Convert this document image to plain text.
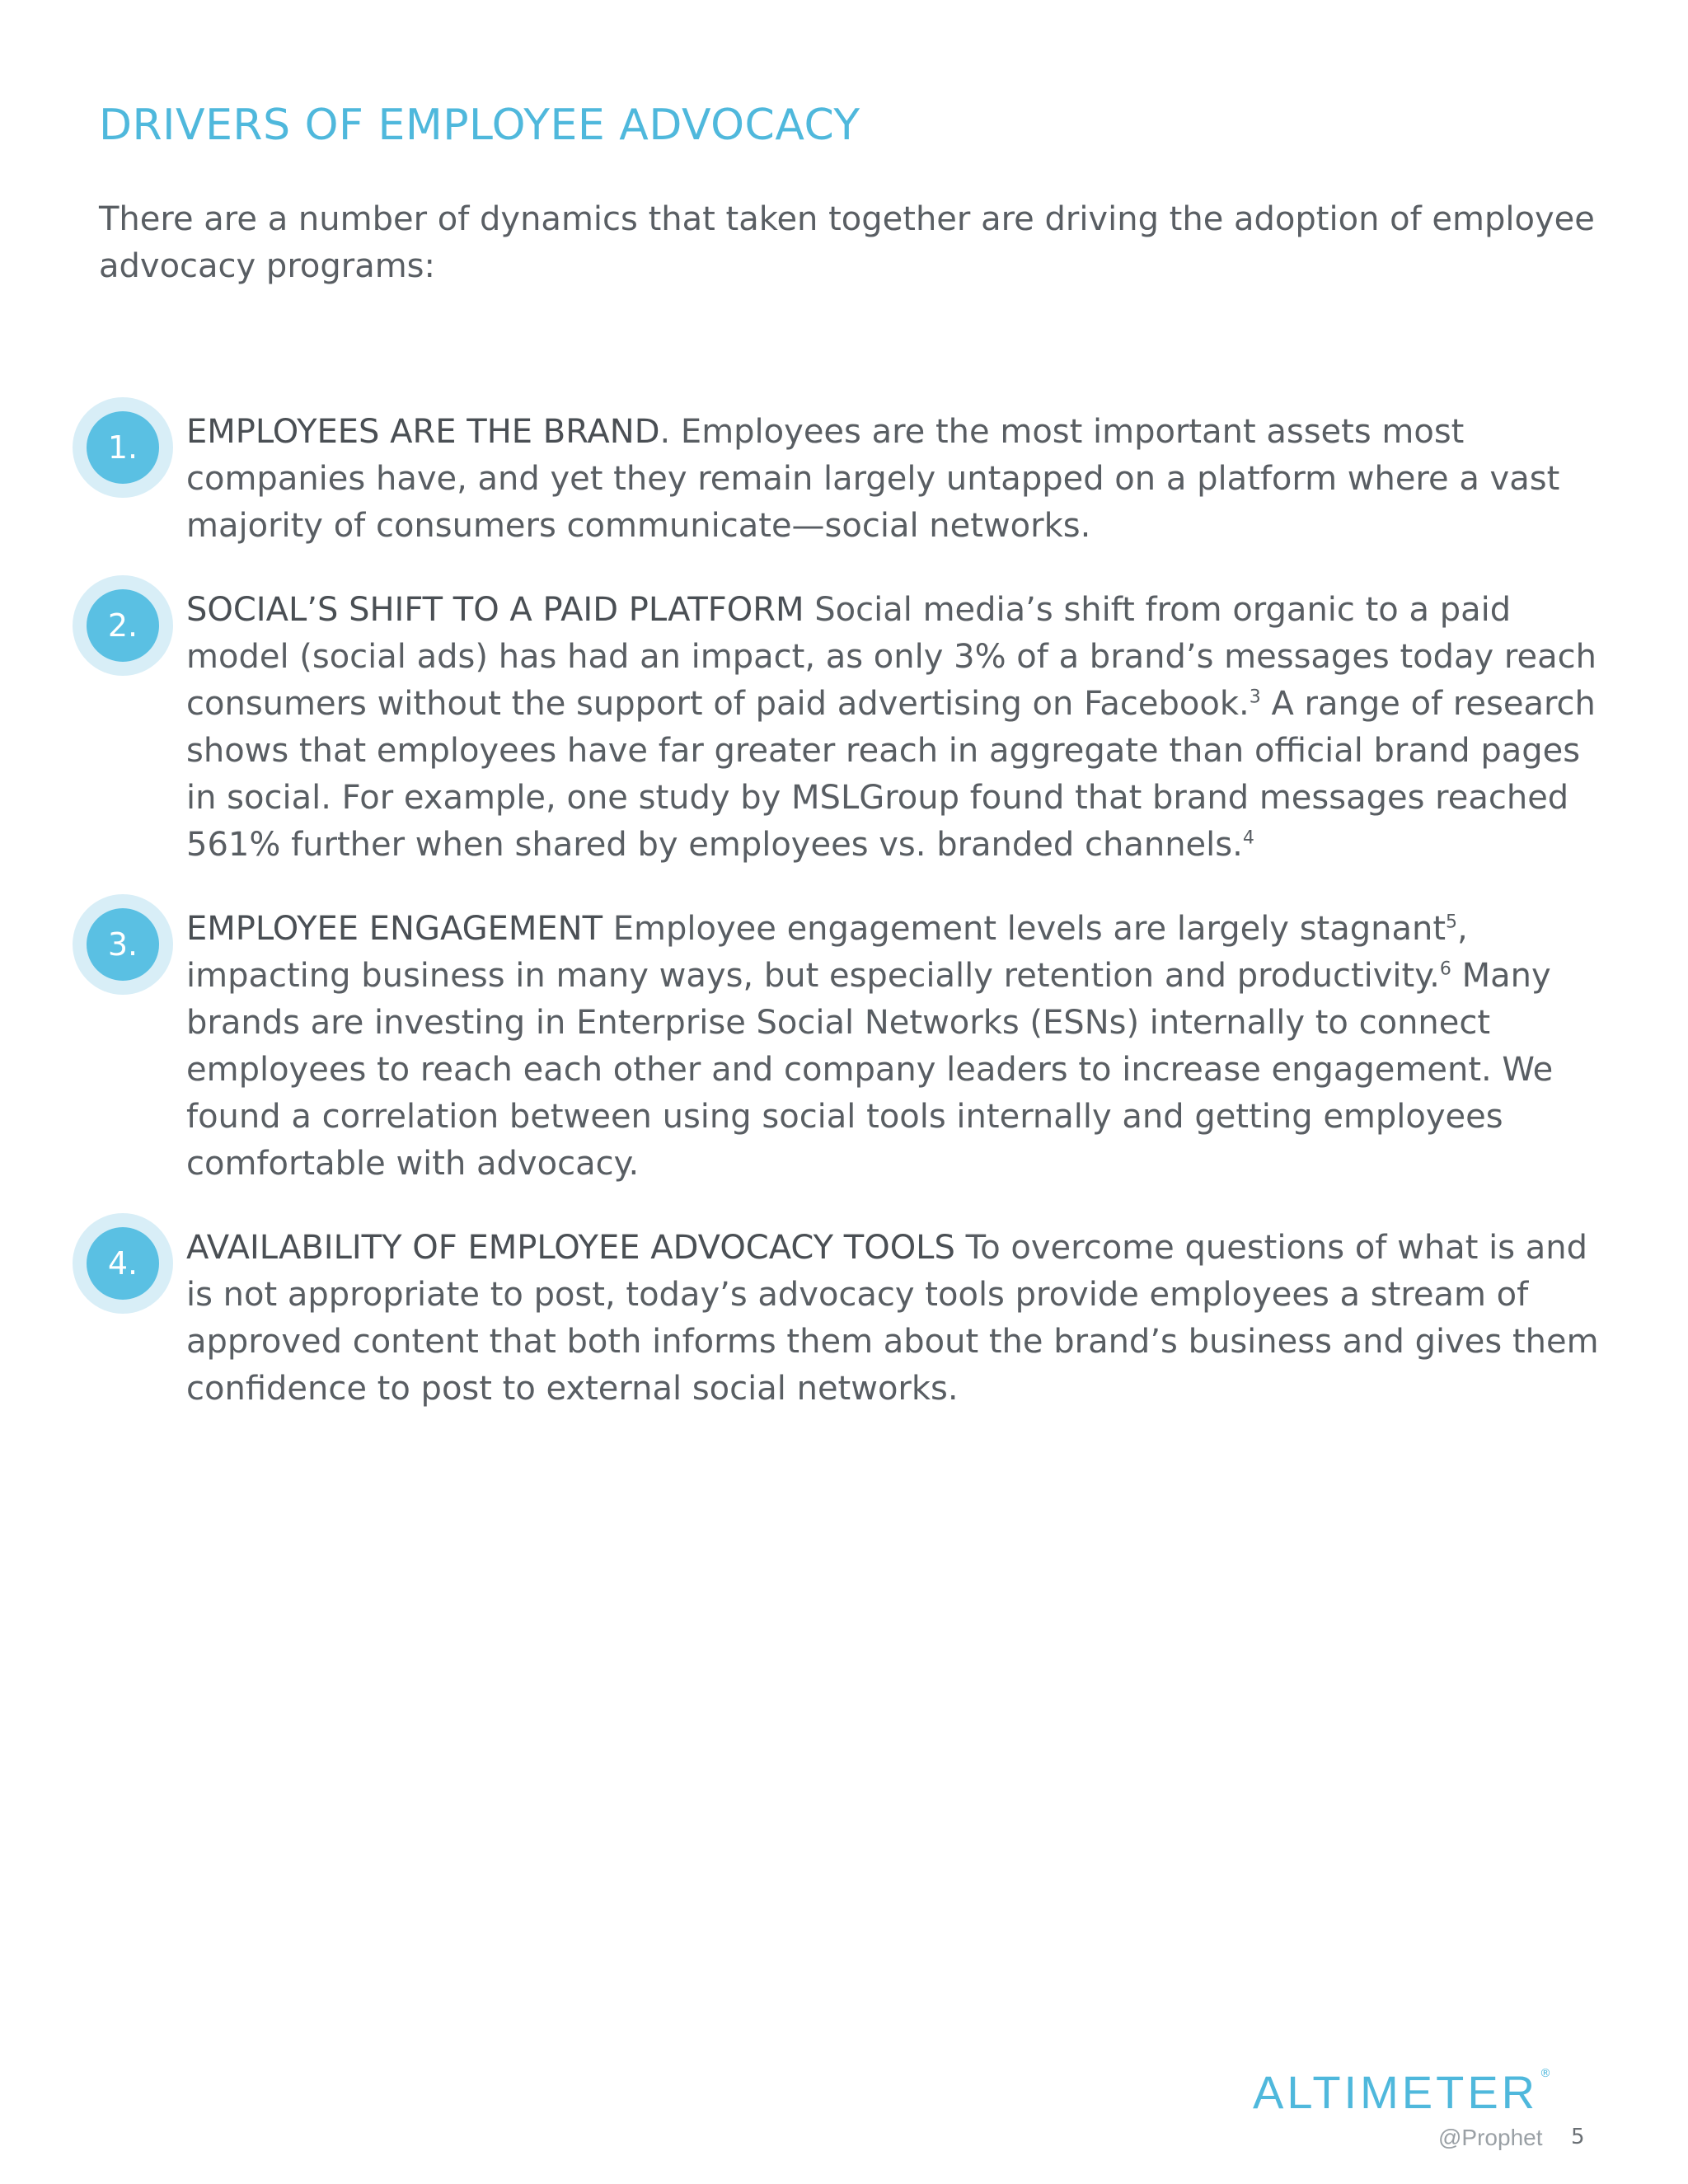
DRIVERS OF EMPLOYEE ADVOCACY

There are a number of dynamics that taken together are driving the adoption of employee advocacy programs:

1.	EMPLOYEES ARE THE BRAND. Employees are the most important assets most companies have, and yet they remain largely untapped on a platform where a vast majority of consumers communicate—social networks.

2.	SOCIAL’S SHIFT TO A PAID PLATFORM Social media’s shift from organic to a paid model (social ads) has had an impact, as only 3% of a brand’s messages today reach consumers without the support of paid advertising on Facebook.$^3$ A range of research shows that employees have far greater reach in aggregate than official brand pages in social. For example, one study by MSLGroup found that brand messages reached 561% further when shared by employees vs. branded channels.$^4$

3.	EMPLOYEE ENGAGEMENT Employee engagement levels are largely stagnant$^5$, impacting business in many ways, but especially retention and productivity.$^6$ Many brands are investing in Enterprise Social Networks (ESNs) internally to connect employees to reach each other and company leaders to increase engagement. We found a correlation between using social tools internally and getting employees comfortable with advocacy.

4.	AVAILABILITY OF EMPLOYEE ADVOCACY TOOLS To overcome questions of what is and is not appropriate to post, today’s advocacy tools provide employees a stream of approved content that both informs them about the brand’s business and gives them confidence to post to external social networks.

ALTIMETER ®
@Prophet 5
